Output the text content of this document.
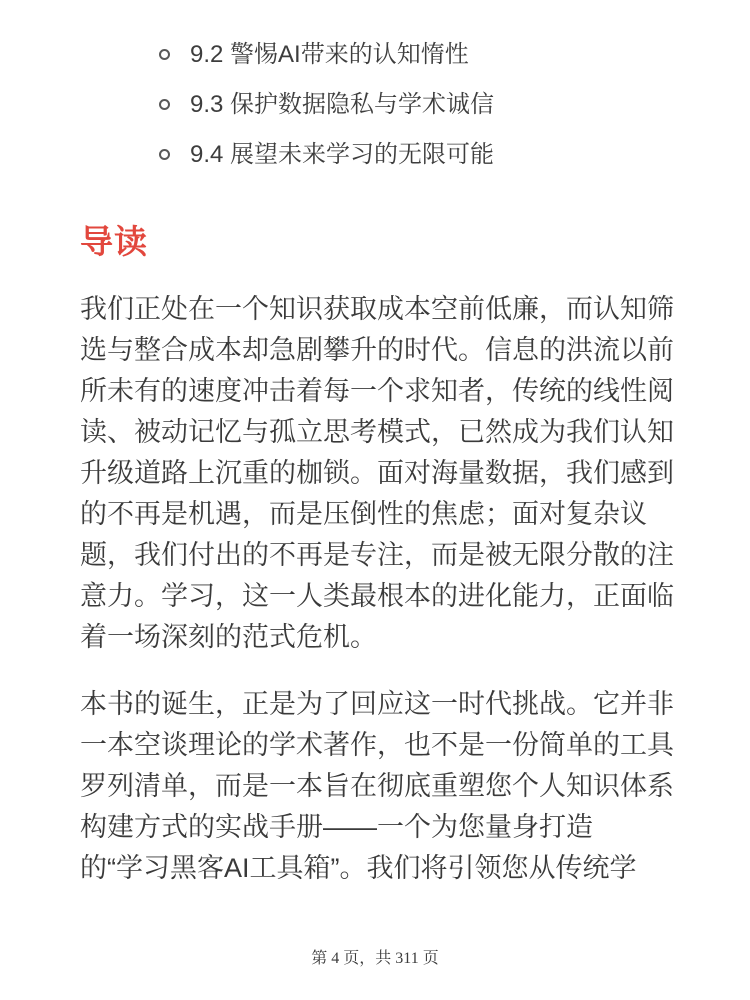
9.2 警惕AI带来的认知惰性
9.3 保护数据隐私与学术诚信
9.4 展望未来学习的无限可能
导读
我们正处在一个知识获取成本空前低廉，而认知筛
选与整合成本却急剧攀升的时代。信息的洪流以前
所未有的速度冲击着每一个求知者，传统的线性阅
读、被动记忆与孤立思考模式，已然成为我们认知
升级道路上沉重的枷锁。面对海量数据，我们感到
的不再是机遇，而是压倒性的焦虑；面对复杂议
题，我们付出的不再是专注，而是被无限分散的注
意力。学习，这一人类最根本的进化能力，正面临
着一场深刻的范式危机。
本书的诞生，正是为了回应这一时代挑战。它并非
一本空谈理论的学术著作，也不是一份简单的工具
罗列清单，而是一本旨在彻底重塑您个人知识体系
构建方式的实战手册——一个为您量身打造
的“学习黑客AI工具箱”。我们将引领您从传统学
第 4 页，共 311 页
